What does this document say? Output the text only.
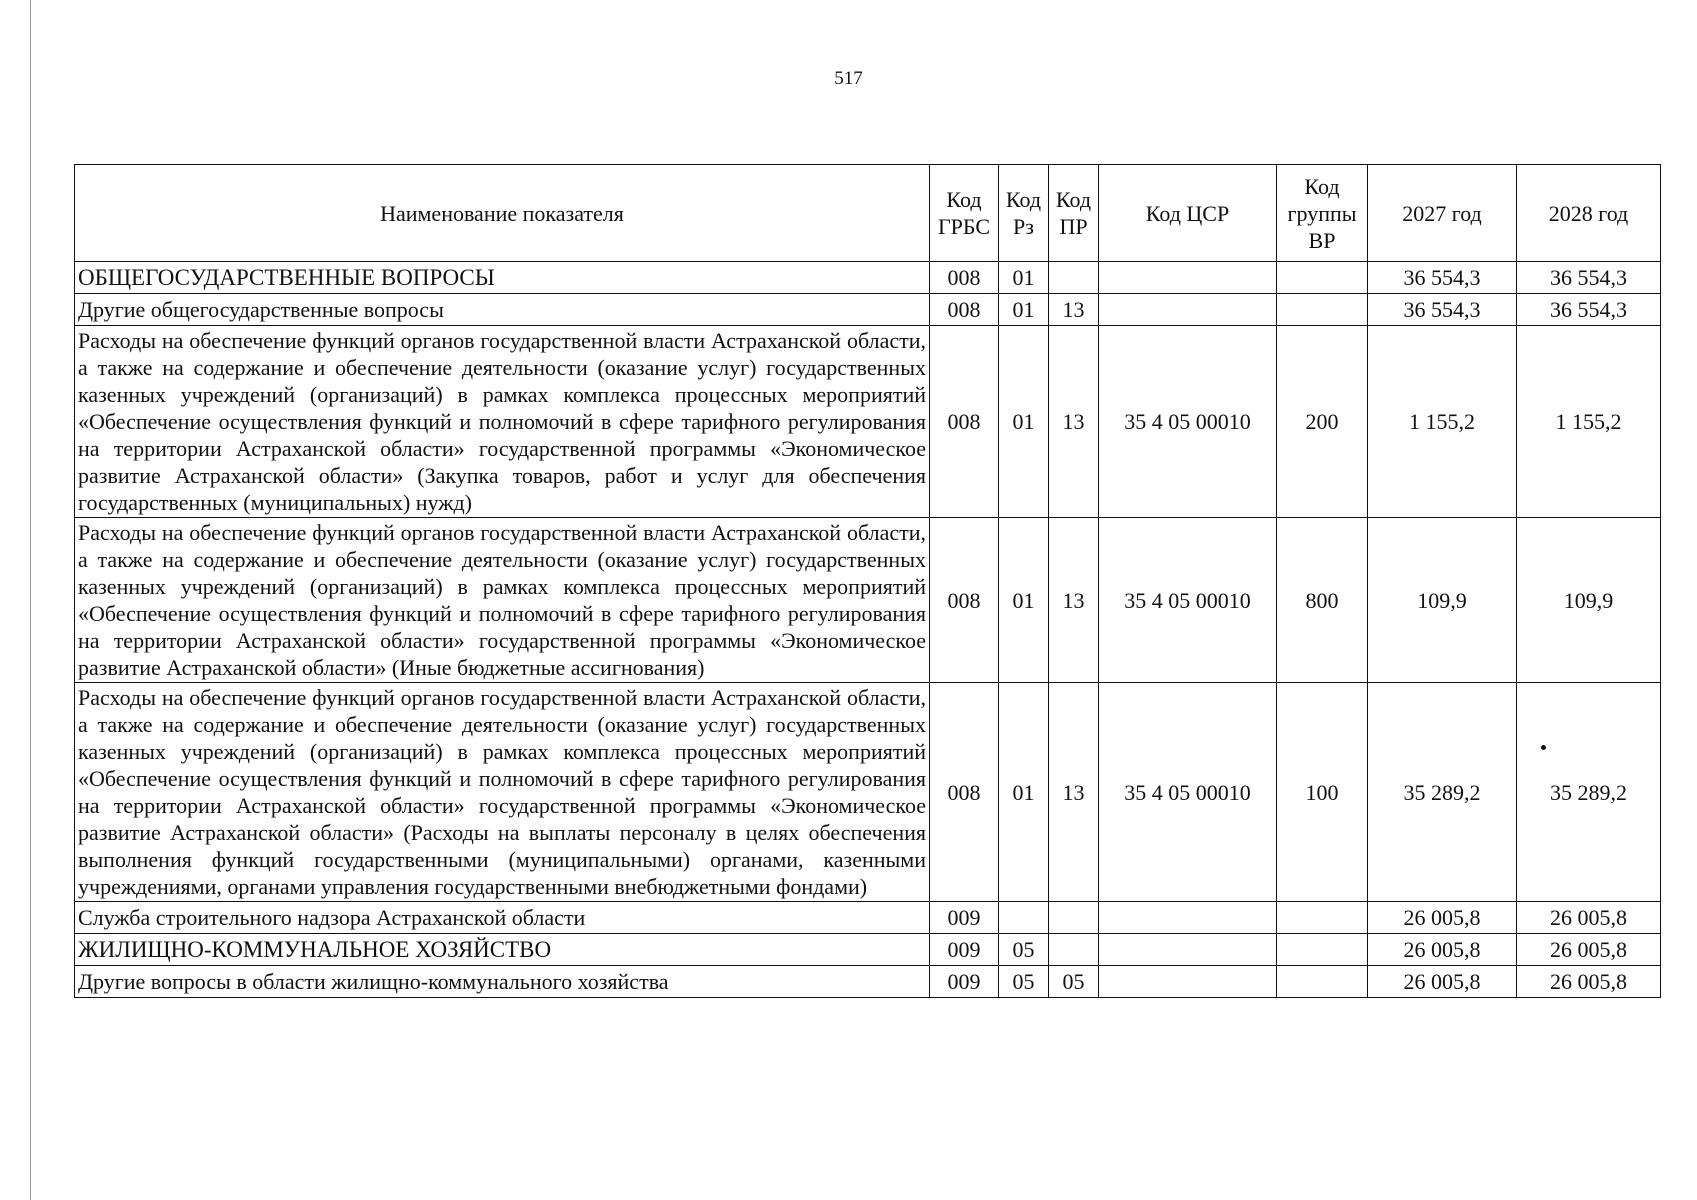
517
Наименование показателя	Код ГРБС	Код Рз	Код ПР	Код ЦСР	Код группы ВР	2027 год	2028 год
ОБЩЕГОСУДАРСТВЕННЫЕ ВОПРОСЫ	008	01				36 554,3	36 554,3
Другие общегосударственные вопросы	008	01	13			36 554,3	36 554,3
Расходы на обеспечение функций органов государственной власти Астраханской области, а также на содержание и обеспечение деятельности (оказание услуг) государственных казенных учреждений (организаций) в рамках комплекса процессных мероприятий «Обеспечение осуществления функций и полномочий в сфере тарифного регулирования на территории Астраханской области» государственной программы «Экономическое развитие Астраханской области» (Закупка товаров, работ и услуг для обеспечения государственных (муниципальных) нужд)	008	01	13	35 4 05 00010	200	1 155,2	1 155,2
Расходы на обеспечение функций органов государственной власти Астраханской области, а также на содержание и обеспечение деятельности (оказание услуг) государственных казенных учреждений (организаций) в рамках комплекса процессных мероприятий «Обеспечение осуществления функций и полномочий в сфере тарифного регулирования на территории Астраханской области» государственной программы «Экономическое развитие Астраханской области» (Иные бюджетные ассигнования)	008	01	13	35 4 05 00010	800	109,9	109,9
Расходы на обеспечение функций органов государственной власти Астраханской области, а также на содержание и обеспечение деятельности (оказание услуг) государственных казенных учреждений (организаций) в рамках комплекса процессных мероприятий «Обеспечение осуществления функций и полномочий в сфере тарифного регулирования на территории Астраханской области» государственной программы «Экономическое развитие Астраханской области» (Расходы на выплаты персоналу в целях обеспечения выполнения функций государственными (муниципальными) органами, казенными учреждениями, органами управления государственными внебюджетными фондами)	008	01	13	35 4 05 00010	100	35 289,2	35 289,2
Служба строительного надзора Астраханской области	009					26 005,8	26 005,8
ЖИЛИЩНО-КОММУНАЛЬНОЕ ХОЗЯЙСТВО	009	05				26 005,8	26 005,8
Другие вопросы в области жилищно-коммунального хозяйства	009	05	05			26 005,8	26 005,8
